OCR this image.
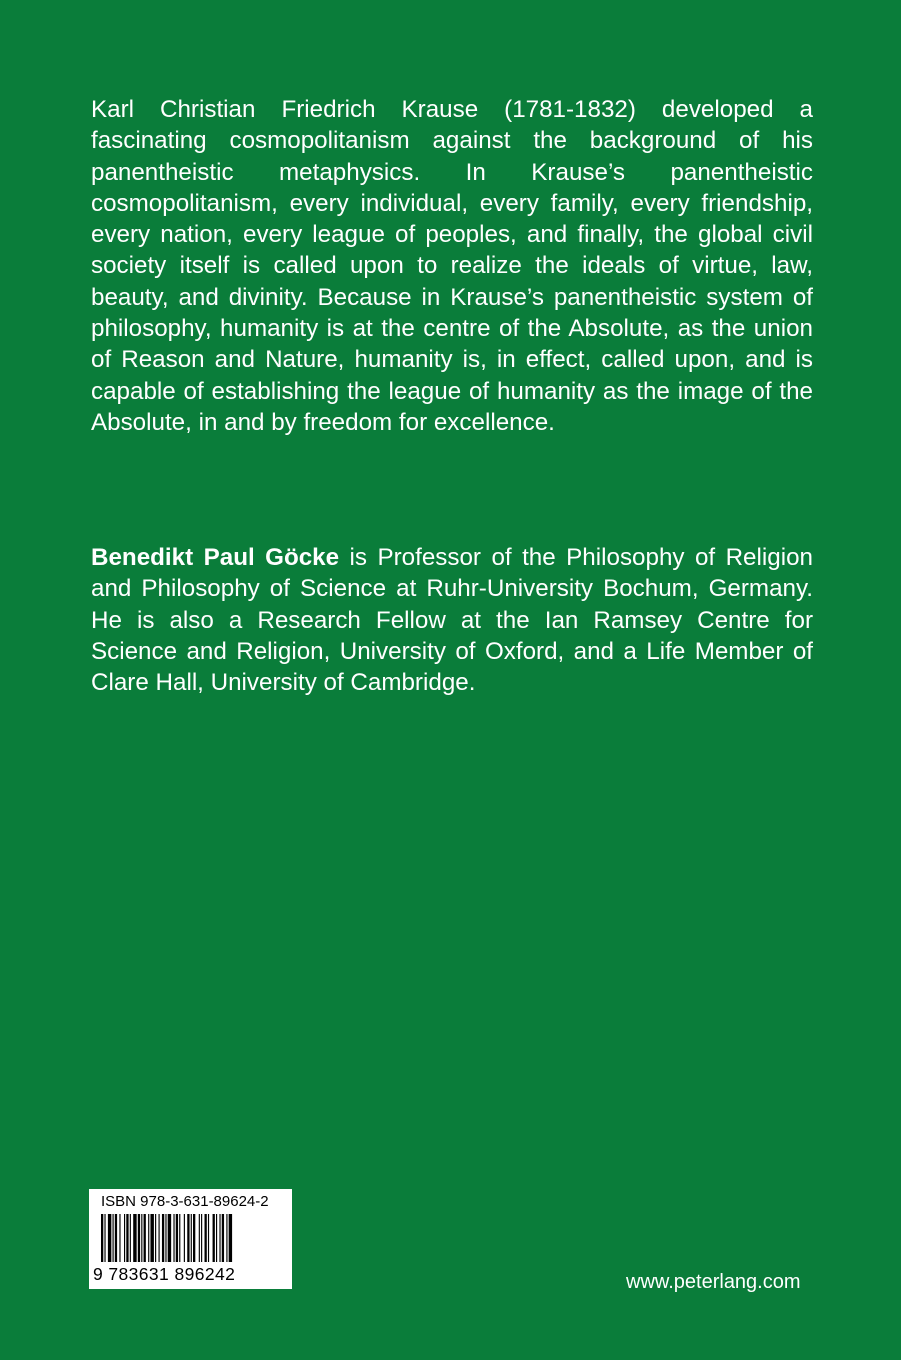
Karl Christian Friedrich Krause (1781-1832) developed a fascinating cosmopolitanism against the background of his panentheistic metaphysics. In Krause’s panentheistic cosmopolitanism, every individual, every family, every friendship, every nation, every league of peoples, and finally, the global civil society itself is called upon to realize the ideals of virtue, law, beauty, and divinity. Because in Krause’s panentheistic system of philosophy, humanity is at the centre of the Absolute, as the union of Reason and Nature, humanity is, in effect, called upon, and is capable of establishing the league of humanity as the image of the Absolute, in and by freedom for excellence.

Benedikt Paul Göcke is Professor of the Philosophy of Religion and Philosophy of Science at Ruhr-University Bochum, Germany. He is also a Research Fellow at the Ian Ramsey Centre for Science and Religion, University of Oxford, and a Life Member of Clare Hall, University of Cambridge.

ISBN 978-3-631-89624-2
9 783631 896242	www.peterlang.com
